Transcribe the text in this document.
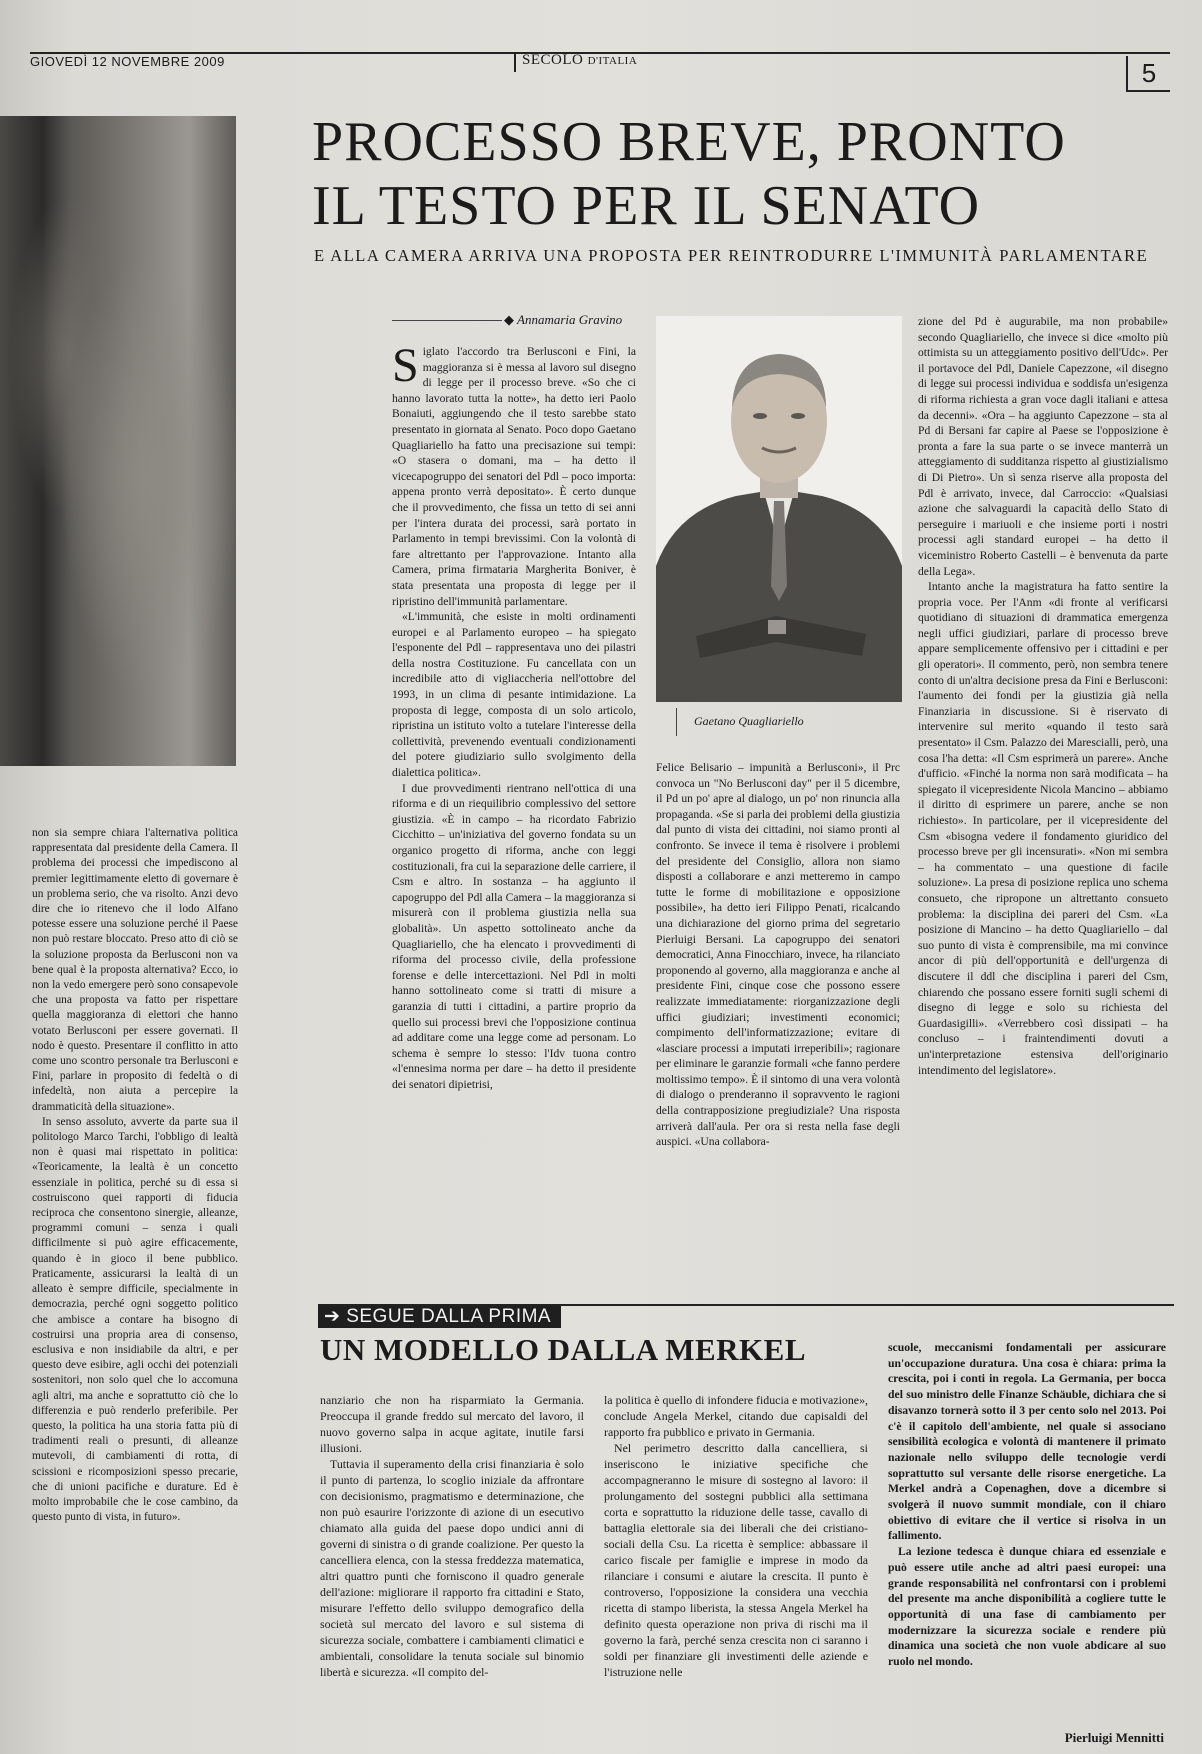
GIOVEDÌ 12 NOVEMBRE 2009	SECOLO D'ITALIA	5
PROCESSO BREVE, PRONTO
IL TESTO PER IL SENATO
E ALLA CAMERA ARRIVA UNA PROPOSTA PER REINTRODURRE L'IMMUNITÀ PARLAMENTARE
◆ Annamaria Gravino

Siglato l'accordo tra Berlusconi e Fini, la maggioranza si è messa al lavoro sul disegno di legge per il processo breve. «So che ci hanno lavorato tutta la notte», ha detto ieri Paolo Bonaiuti, aggiungendo che il testo sarebbe stato presentato in giornata al Senato. Poco dopo Gaetano Quagliariello ha fatto una precisazione sui tempi: «O stasera o domani, ma – ha detto il vicecapogruppo dei senatori del Pdl – poco importa: appena pronto verrà depositato». È certo dunque che il provvedimento, che fissa un tetto di sei anni per l'intera durata dei processi, sarà portato in Parlamento in tempi brevissimi. Con la volontà di fare altrettanto per l'approvazione. Intanto alla Camera, prima firmataria Margherita Boniver, è stata presentata una proposta di legge per il ripristino dell'immunità parlamentare.

«L'immunità, che esiste in molti ordinamenti europei e al Parlamento europeo – ha spiegato l'esponente del Pdl – rappresentava uno dei pilastri della nostra Costituzione. Fu cancellata con un incredibile atto di vigliaccheria nell'ottobre del 1993, in un clima di pesante intimidazione. La proposta di legge, composta di un solo articolo, ripristina un istituto volto a tutelare l'interesse della collettività, prevenendo eventuali condizionamenti del potere giudiziario sullo svolgimento della dialettica politica».

I due provvedimenti rientrano nell'ottica di una riforma e di un riequilibrio complessivo del settore giustizia. «È in campo – ha ricordato Fabrizio Cicchitto – un'iniziativa del governo fondata su un organico progetto di riforma, anche con leggi costituzionali, fra cui la separazione delle carriere, il Csm e altro. In sostanza – ha aggiunto il capogruppo del Pdl alla Camera – la maggioranza si misurerà con il problema giustizia nella sua globalità». Un aspetto sottolineato anche da Quagliariello, che ha elencato i provvedimenti di riforma del processo civile, della professione forense e delle intercettazioni. Nel Pdl in molti hanno sottolineato come si tratti di misure a garanzia di tutti i cittadini, a partire proprio da quello sui processi brevi che l'opposizione continua ad additare come una legge come ad personam. Lo schema è sempre lo stesso: l'Idv tuona contro «l'ennesima norma per dare – ha detto il presidente dei senatori dipietrisi,

Gaetano Quagliariello

Felice Belisario – impunità a Berlusconi», il Prc convoca un "No Berlusconi day" per il 5 dicembre, il Pd un po' apre al dialogo, un po' non rinuncia alla propaganda. «Se si parla dei problemi della giustizia dal punto di vista dei cittadini, noi siamo pronti al confronto. Se invece il tema è risolvere i problemi del presidente del Consiglio, allora non siamo disposti a collaborare e anzi metteremo in campo tutte le forme di mobilitazione e opposizione possibile», ha detto ieri Filippo Penati, ricalcando una dichiarazione del giorno prima del segretario Pierluigi Bersani. La capogruppo dei senatori democratici, Anna Finocchiaro, invece, ha rilanciato proponendo al governo, alla maggioranza e anche al presidente Fini, cinque cose che possono essere realizzate immediatamente: riorganizzazione degli uffici giudiziari; investimenti economici; compimento dell'informatizzazione; evitare di «lasciare processi a imputati irreperibili»; ragionare per eliminare le garanzie formali «che fanno perdere moltissimo tempo». È il sintomo di una vera volontà di dialogo o prenderanno il sopravvento le ragioni della contrapposizione pregiudiziale? Una risposta arriverà dall'aula. Per ora si resta nella fase degli auspici. «Una collabora-

zione del Pd è augurabile, ma non probabile» secondo Quagliariello, che invece si dice «molto più ottimista su un atteggiamento positivo dell'Udc». Per il portavoce del Pdl, Daniele Capezzone, «il disegno di legge sui processi individua e soddisfa un'esigenza di riforma richiesta a gran voce dagli italiani e attesa da decenni». «Ora – ha aggiunto Capezzone – sta al Pd di Bersani far capire al Paese se l'opposizione è pronta a fare la sua parte o se invece manterrà un atteggiamento di sudditanza rispetto al giustizialismo di Di Pietro». Un sì senza riserve alla proposta del Pdl è arrivato, invece, dal Carroccio: «Qualsiasi azione che salvaguardi la capacità dello Stato di perseguire i mariuoli e che insieme porti i nostri processi agli standard europei – ha detto il viceministro Roberto Castelli – è benvenuta da parte della Lega».

Intanto anche la magistratura ha fatto sentire la propria voce. Per l'Anm «di fronte al verificarsi quotidiano di situazioni di drammatica emergenza negli uffici giudiziari, parlare di processo breve appare semplicemente offensivo per i cittadini e per gli operatori». Il commento, però, non sembra tenere conto di un'altra decisione presa da Fini e Berlusconi: l'aumento dei fondi per la giustizia già nella Finanziaria in discussione. Si è riservato di intervenire sul merito «quando il testo sarà presentato» il Csm. Palazzo dei Marescialli, però, una cosa l'ha detta: «Il Csm esprimerà un parere». Anche d'ufficio. «Finché la norma non sarà modificata – ha spiegato il vicepresidente Nicola Mancino – abbiamo il diritto di esprimere un parere, anche se non richiesto». In particolare, per il vicepresidente del Csm «bisogna vedere il fondamento giuridico del processo breve per gli incensurati». «Non mi sembra – ha commentato – una questione di facile soluzione». La presa di posizione replica uno schema consueto, che ripropone un altrettanto consueto problema: la disciplina dei pareri del Csm. «La posizione di Mancino – ha detto Quagliariello – dal suo punto di vista è comprensibile, ma mi convince ancor di più dell'opportunità e dell'urgenza di discutere il ddl che disciplina i pareri del Csm, chiarendo che possano essere forniti sugli schemi di disegno di legge e solo su richiesta del Guardasigilli». «Verrebbero così dissipati – ha concluso – i fraintendimenti dovuti a un'interpretazione estensiva dell'originario intendimento del legislatore».

non sia sempre chiara l'alternativa politica rappresentata dal presidente della Camera. Il problema dei processi che impediscono al premier legittimamente eletto di governare è un problema serio, che va risolto. Anzi devo dire che io ritenevo che il lodo Alfano potesse essere una soluzione perché il Paese non può restare bloccato. Preso atto di ciò se la soluzione proposta da Berlusconi non va bene qual è la proposta alternativa? Ecco, io non la vedo emergere però sono consapevole che una proposta va fatto per rispettare quella maggioranza di elettori che hanno votato Berlusconi per essere governati. Il nodo è questo. Presentare il conflitto in atto come uno scontro personale tra Berlusconi e Fini, parlare in proposito di fedeltà o di infedeltà, non aiuta a percepire la drammaticità della situazione».

In senso assoluto, avverte da parte sua il politologo Marco Tarchi, l'obbligo di lealtà non è quasi mai rispettato in politica: «Teoricamente, la lealtà è un concetto essenziale in politica, perché su di essa si costruiscono quei rapporti di fiducia reciproca che consentono sinergie, alleanze, programmi comuni – senza i quali difficilmente si può agire efficacemente, quando è in gioco il bene pubblico. Praticamente, assicurarsi la lealtà di un alleato è sempre difficile, specialmente in democrazia, perché ogni soggetto politico che ambisce a contare ha bisogno di costruirsi una propria area di consenso, esclusiva e non insidiabile da altri, e per questo deve esibire, agli occhi dei potenziali sostenitori, non solo quel che lo accomuna agli altri, ma anche e soprattutto ciò che lo differenzia e può renderlo preferibile. Per questo, la politica ha una storia fatta più di tradimenti reali o presunti, di alleanze mutevoli, di cambiamenti di rotta, di scissioni e ricomposizioni spesso precarie, che di unioni pacifiche e durature. Ed è molto improbabile che le cose cambino, da questo punto di vista, in futuro».

➔ SEGUE DALLA PRIMA
UN MODELLO DALLA MERKEL

nanziario che non ha risparmiato la Germania. Preoccupa il grande freddo sul mercato del lavoro, il nuovo governo salpa in acque agitate, inutile farsi illusioni.

Tuttavia il superamento della crisi finanziaria è solo il punto di partenza, lo scoglio iniziale da affrontare con decisionismo, pragmatismo e determinazione, che non può esaurire l'orizzonte di azione di un esecutivo chiamato alla guida del paese dopo undici anni di governi di sinistra o di grande coalizione. Per questo la cancelliera elenca, con la stessa freddezza matematica, altri quattro punti che forniscono il quadro generale dell'azione: migliorare il rapporto fra cittadini e Stato, misurare l'effetto dello sviluppo demografico della società sul mercato del lavoro e sul sistema di sicurezza sociale, combattere i cambiamenti climatici e ambientali, consolidare la tenuta sociale sul binomio libertà e sicurezza. «Il compito del-

la politica è quello di infondere fiducia e motivazione», conclude Angela Merkel, citando due capisaldi del rapporto fra pubblico e privato in Germania.

Nel perimetro descritto dalla cancelliera, si inseriscono le iniziative specifiche che accompagneranno le misure di sostegno al lavoro: il prolungamento del sostegni pubblici alla settimana corta e soprattutto la riduzione delle tasse, cavallo di battaglia elettorale sia dei liberali che dei cristiano-sociali della Csu. La ricetta è semplice: abbassare il carico fiscale per famiglie e imprese in modo da rilanciare i consumi e aiutare la crescita. Il punto è controverso, l'opposizione la considera una vecchia ricetta di stampo liberista, la stessa Angela Merkel ha definito questa operazione non priva di rischi ma il governo la farà, perché senza crescita non ci saranno i soldi per finanziare gli investimenti delle aziende e l'istruzione nelle

scuole, meccanismi fondamentali per assicurare un'occupazione duratura. Una cosa è chiara: prima la crescita, poi i conti in regola. La Germania, per bocca del suo ministro delle Finanze Schäuble, dichiara che si disavanzo tornerà sotto il 3 per cento solo nel 2013. Poi c'è il capitolo dell'ambiente, nel quale si associano sensibilità ecologica e volontà di mantenere il primato nazionale nello sviluppo delle tecnologie verdi soprattutto sul versante delle risorse energetiche. La Merkel andrà a Copenaghen, dove a dicembre si svolgerà il nuovo summit mondiale, con il chiaro obiettivo di evitare che il vertice si risolva in un fallimento.

La lezione tedesca è dunque chiara ed essenziale e può essere utile anche ad altri paesi europei: una grande responsabilità nel confrontarsi con i problemi del presente ma anche disponibilità a cogliere tutte le opportunità di una fase di cambiamento per modernizzare la sicurezza sociale e rendere più dinamica una società che non vuole abdicare al suo ruolo nel mondo.

Pierluigi Mennitti
